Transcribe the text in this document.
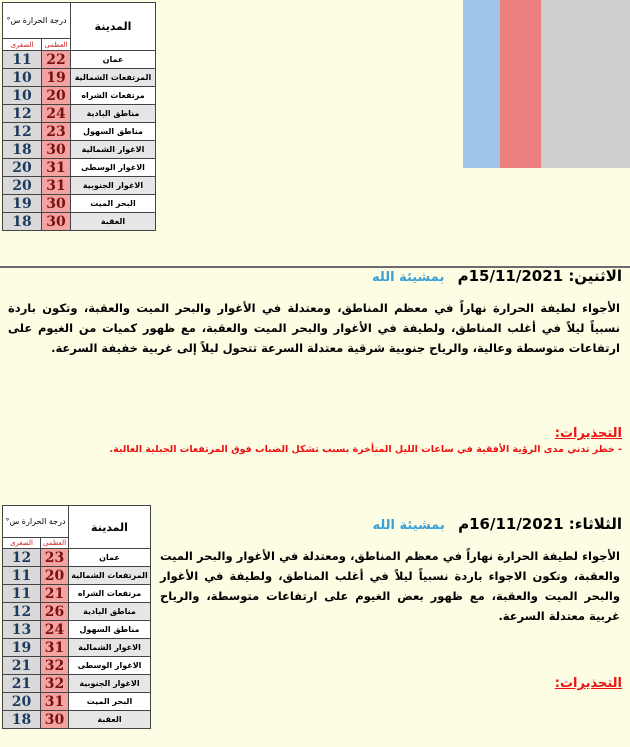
درجة الحرارة س°		المدينة
الصغرى	العظمى	
11	22	عمان
10	19	المرتفعات الشمالية
10	20	مرتفعات الشراه
12	24	مناطق البادية
12	23	مناطق السهول
18	30	الاغوار الشمالية
20	31	الاغوار الوسطى
20	31	الاغوار الجنوبية
19	30	البحر الميت
18	30	العقبة
الاثنين: 15/11/2021م بمشيئة الله
الأجواء لطيفة الحرارة نهاراً في معظم المناطق، ومعتدلة في الأغوار والبحر الميت والعقبة، وتكون باردة نسبياً ليلاً في أغلب المناطق، ولطيفة في الأغوار والبحر الميت والعقبة، مع ظهور كميات من الغيوم على ارتفاعات متوسطة وعالية، والرياح جنوبية شرقية معتدلة السرعة تتحول ليلاً إلى غربية خفيفة السرعة.
التحذيرات:
- خطر تدني مدى الرؤية الأفقية في ساعات الليل المتأخرة بسبب تشكل الضباب فوق المرتفعات الجبلية العالية.
درجة الحرارة س°		المدينة
الصغرى	العظمى	
12	23	عمان
11	20	المرتفعات الشمالية
11	21	مرتفعات الشراه
12	26	مناطق البادية
13	24	مناطق السهول
19	31	الاغوار الشمالية
21	32	الاغوار الوسطى
21	32	الاغوار الجنوبية
20	31	البحر الميت
18	30	العقبة
الثلاثاء: 16/11/2021م بمشيئة الله
الأجواء لطيفة الحرارة نهاراً في معظم المناطق، ومعتدلة في الأغوار والبحر الميت والعقبة، وتكون الاجواء باردة نسبياً ليلاً في أغلب المناطق، ولطيفة في الأغوار والبحر الميت والعقبة، مع ظهور بعض الغيوم على ارتفاعات متوسطة، والرياح غربية معتدلة السرعة.
التحذيرات:
